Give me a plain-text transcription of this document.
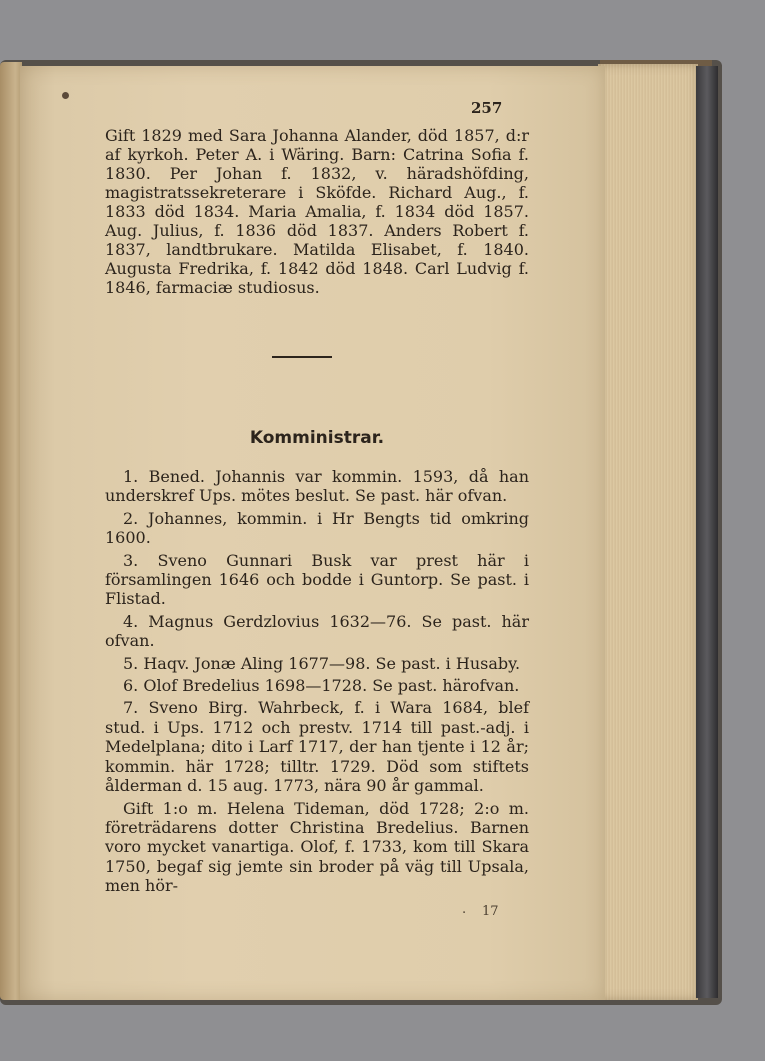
257

Gift 1829 med Sara Johanna Alander, död 1857, d:r af kyrkoh. Peter A. i Wäring. Barn: Catrina Sofia f. 1830. Per Johan f. 1832, v. häradshöfding, magistratssekreterare i Sköfde. Richard Aug., f. 1833 död 1834. Maria Amalia, f. 1834 död 1857. Aug. Julius, f. 1836 död 1837. Anders Robert f. 1837, landtbrukare. Matilda Elisabet, f. 1840. Augusta Fredrika, f. 1842 död 1848. Carl Ludvig f. 1846, farmaciæ studiosus.

Komministrar.

1. Bened. Johannis var kommin. 1593, då han underskref Ups. mötes beslut. Se past. här ofvan.

2. Johannes, kommin. i Hr Bengts tid omkring 1600.

3. Sveno Gunnari Busk var prest här i församlingen 1646 och bodde i Guntorp. Se past. i Flistad.

4. Magnus Gerdzlovius 1632—76. Se past. här ofvan.

5. Haqv. Jonæ Aling 1677—98. Se past. i Husaby.

6. Olof Bredelius 1698—1728. Se past. härofvan.

7. Sveno Birg. Wahrbeck, f. i Wara 1684, blef stud. i Ups. 1712 och prestv. 1714 till past.-adj. i Medelplana; dito i Larf 1717, der han tjente i 12 år; kommin. här 1728; tilltr. 1729. Död som stiftets ålderman d. 15 aug. 1773, nära 90 år gammal.

Gift 1:o m. Helena Tideman, död 1728; 2:o m. företrädarens dotter Christina Bredelius. Barnen voro mycket vanartiga. Olof, f. 1733, kom till Skara 1750, begaf sig jemte sin broder på väg till Upsala, men hör-

. 17
